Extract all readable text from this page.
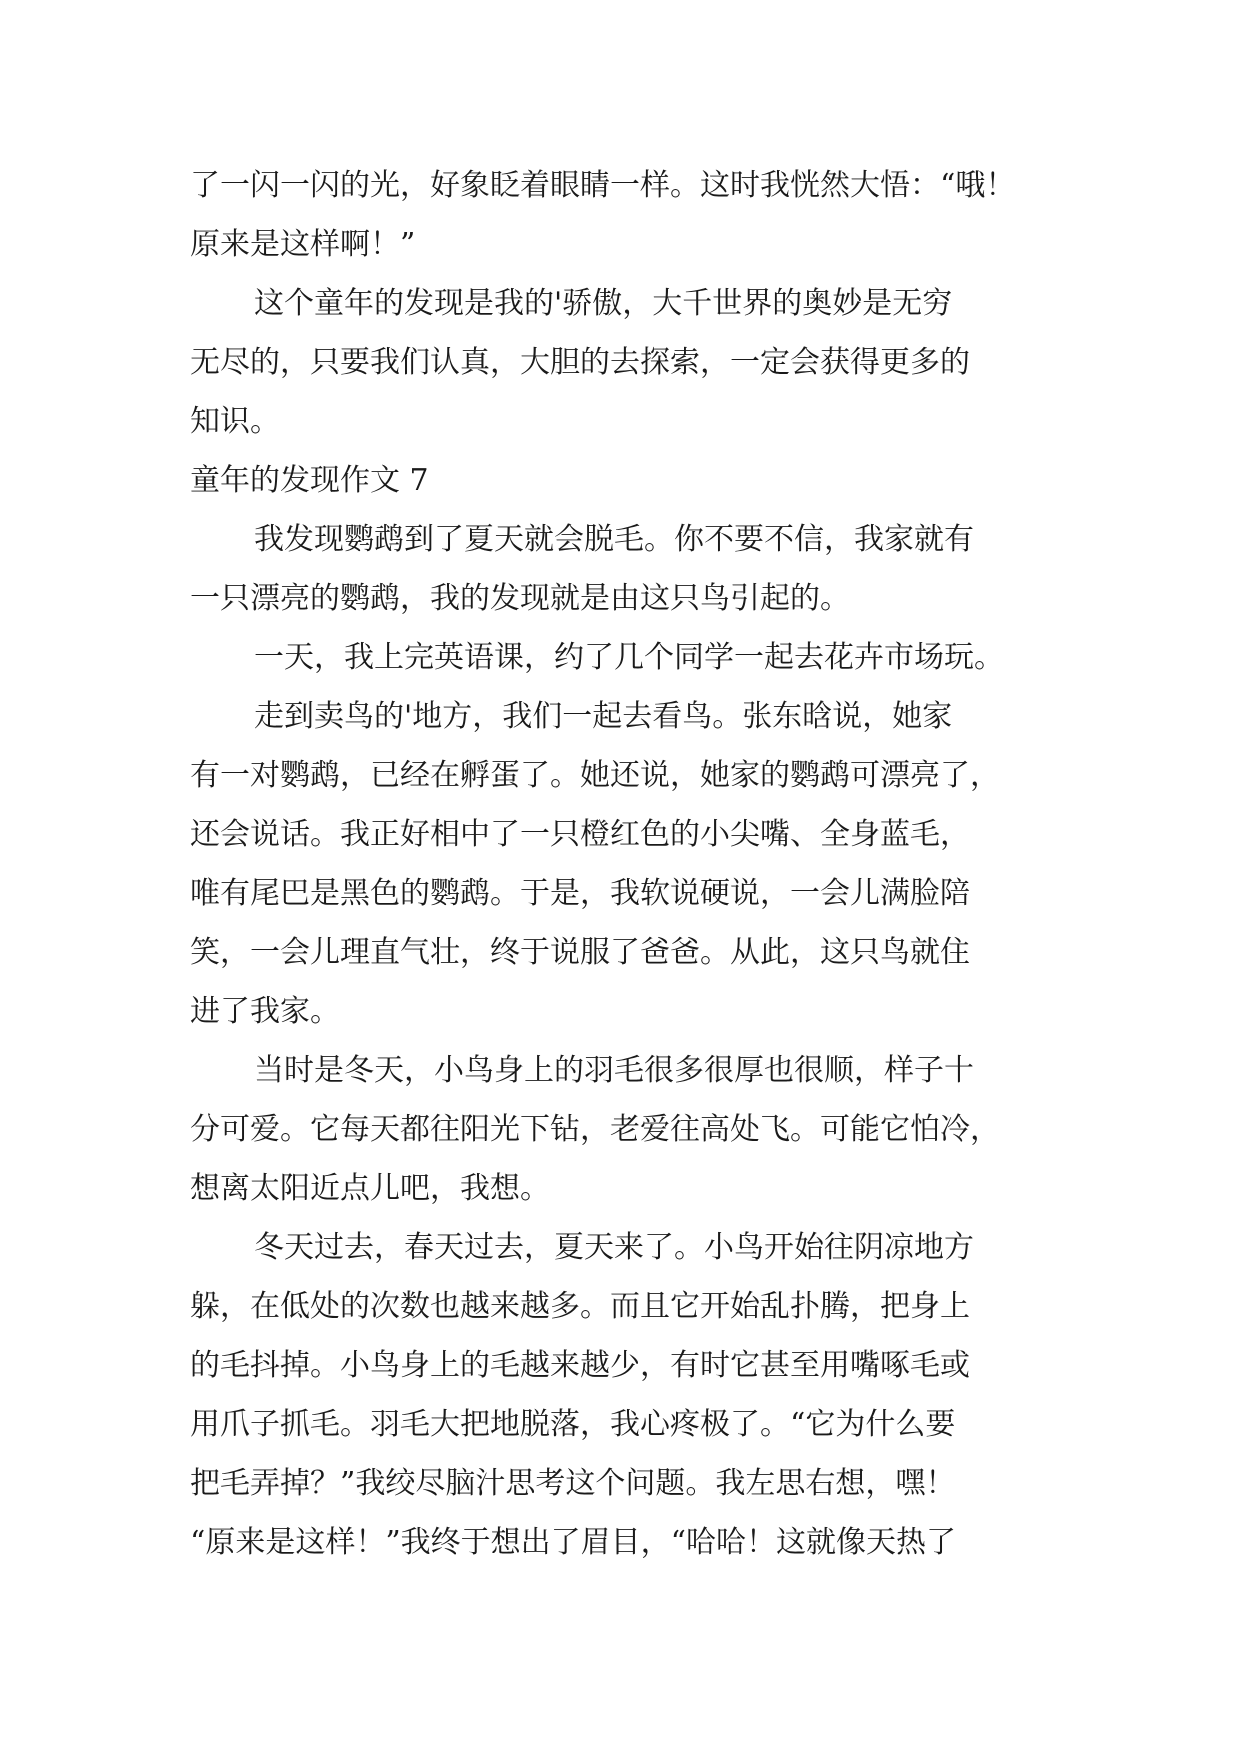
了一闪一闪的光，好象眨着眼睛一样。这时我恍然大悟：“哦！
原来是这样啊！”
这个童年的发现是我的'骄傲，大千世界的奥妙是无穷
无尽的，只要我们认真，大胆的去探索，一定会获得更多的
知识。
童年的发现作文 7
我发现鹦鹉到了夏天就会脱毛。你不要不信，我家就有
一只漂亮的鹦鹉，我的发现就是由这只鸟引起的。
一天，我上完英语课，约了几个同学一起去花卉市场玩。
走到卖鸟的'地方，我们一起去看鸟。张东晗说，她家
有一对鹦鹉，已经在孵蛋了。她还说，她家的鹦鹉可漂亮了，
还会说话。我正好相中了一只橙红色的小尖嘴、全身蓝毛，
唯有尾巴是黑色的鹦鹉。于是，我软说硬说，一会儿满脸陪
笑，一会儿理直气壮，终于说服了爸爸。从此，这只鸟就住
进了我家。
当时是冬天，小鸟身上的羽毛很多很厚也很顺，样子十
分可爱。它每天都往阳光下钻，老爱往高处飞。可能它怕冷，
想离太阳近点儿吧，我想。
冬天过去，春天过去，夏天来了。小鸟开始往阴凉地方
躲，在低处的次数也越来越多。而且它开始乱扑腾，把身上
的毛抖掉。小鸟身上的毛越来越少，有时它甚至用嘴啄毛或
用爪子抓毛。羽毛大把地脱落，我心疼极了。“它为什么要
把毛弄掉？”我绞尽脑汁思考这个问题。我左思右想，嘿！
“原来是这样！”我终于想出了眉目，“哈哈！这就像天热了
